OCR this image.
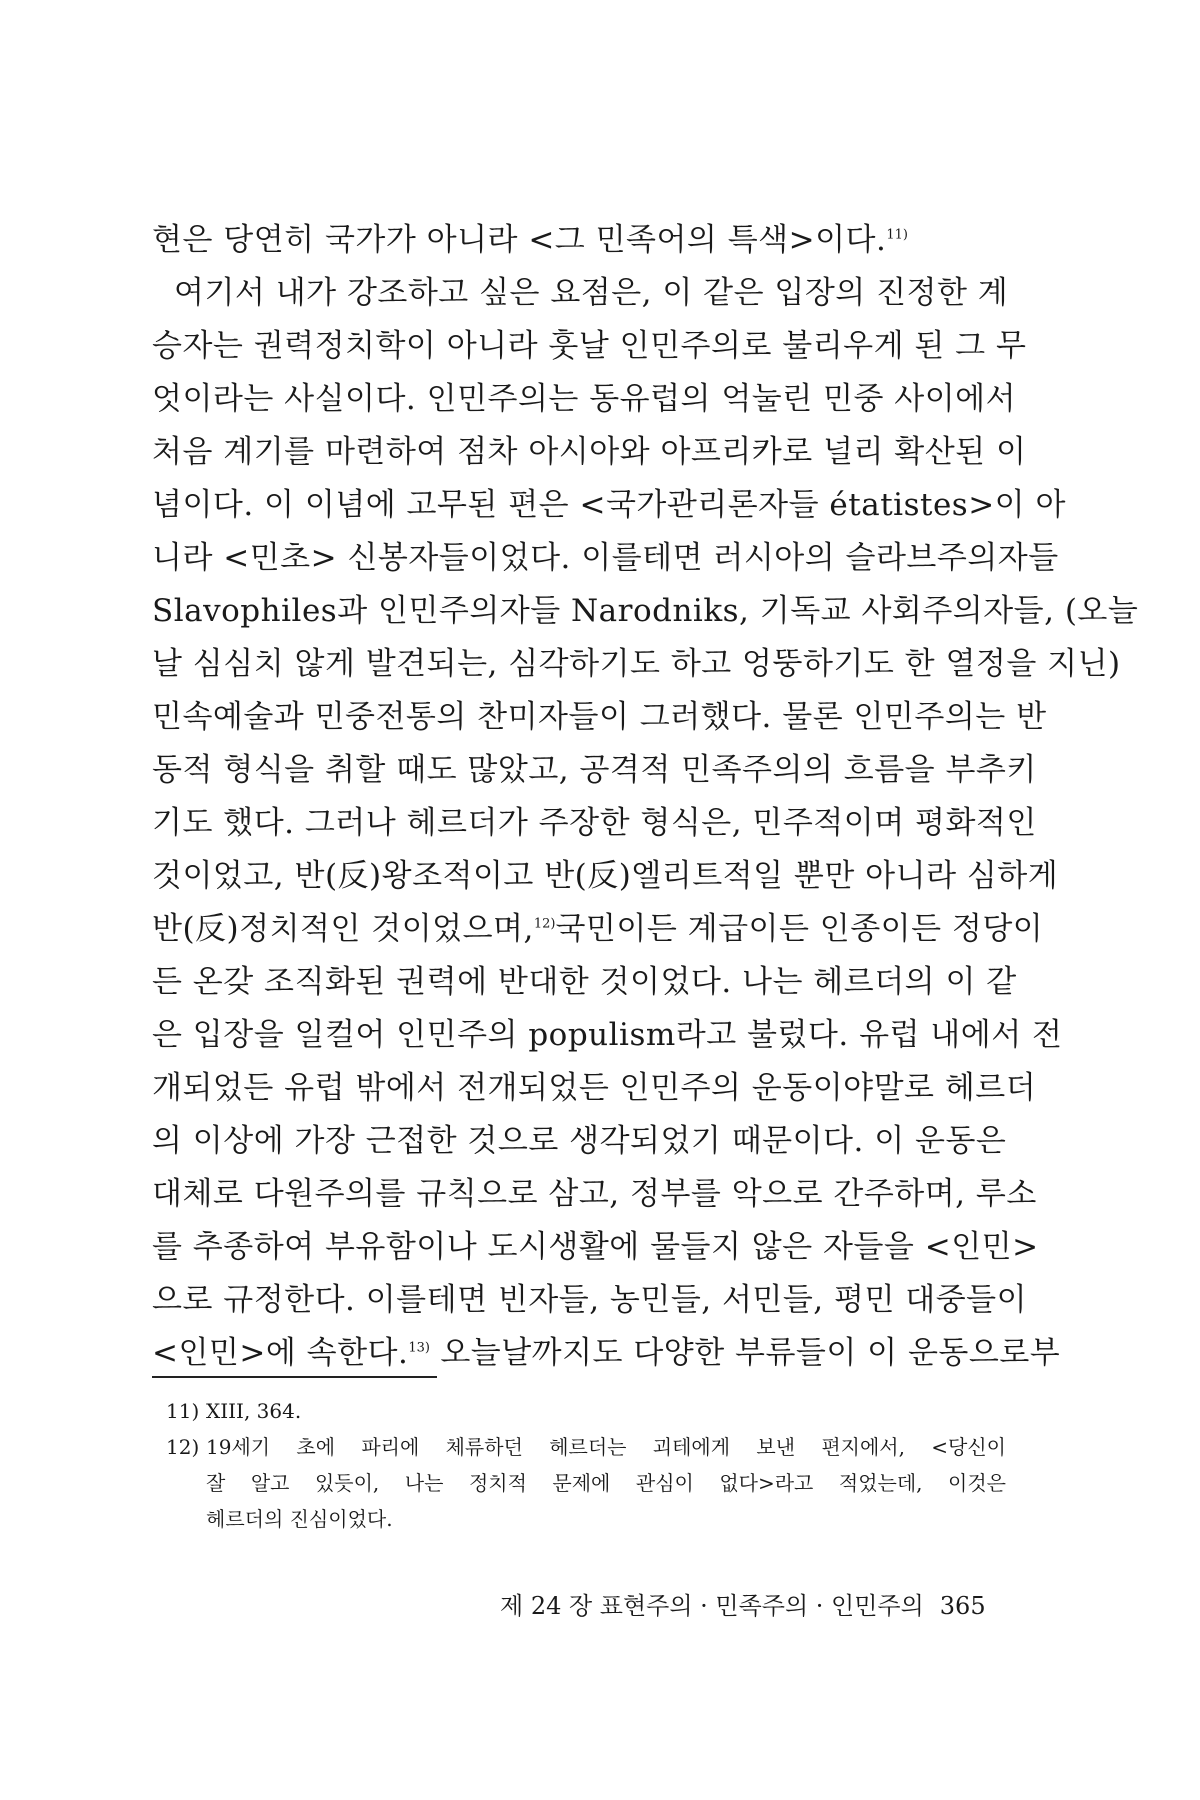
현은 당연히 국가가 아니라 <그 민족어의 특색>이다.$^{11)}$
여기서 내가 강조하고 싶은 요점은, 이 같은 입장의 진정한 계
승자는 권력정치학이 아니라 훗날 인민주의로 불리우게 된 그 무
엇이라는 사실이다. 인민주의는 동유럽의 억눌린 민중 사이에서
처음 계기를 마련하여 점차 아시아와 아프리카로 널리 확산된 이
념이다. 이 이념에 고무된 편은 <국가관리론자들 étatistes>이 아
니라 <민초> 신봉자들이었다. 이를테면 러시아의 슬라브주의자들
Slavophiles과 인민주의자들 Narodniks, 기독교 사회주의자들, (오늘
날 심심치 않게 발견되는, 심각하기도 하고 엉뚱하기도 한 열정을 지닌)
민속예술과 민중전통의 찬미자들이 그러했다. 물론 인민주의는 반
동적 형식을 취할 때도 많았고, 공격적 민족주의의 흐름을 부추키
기도 했다. 그러나 헤르더가 주장한 형식은, 민주적이며 평화적인
것이었고, 반(反)왕조적이고 반(反)엘리트적일 뿐만 아니라 심하게
반(反)정치적인 것이었으며,$^{12)}$국민이든 계급이든 인종이든 정당이
든 온갖 조직화된 권력에 반대한 것이었다. 나는 헤르더의 이 같
은 입장을 일컬어 인민주의 populism라고 불렀다. 유럽 내에서 전
개되었든 유럽 밖에서 전개되었든 인민주의 운동이야말로 헤르더
의 이상에 가장 근접한 것으로 생각되었기 때문이다. 이 운동은
대체로 다원주의를 규칙으로 삼고, 정부를 악으로 간주하며, 루소
를 추종하여 부유함이나 도시생활에 물들지 않은 자들을 <인민>
으로 규정한다. 이를테면 빈자들, 농민들, 서민들, 평민 대중들이
<인민>에 속한다.$^{13)}$ 오늘날까지도 다양한 부류들이 이 운동으로부
11) XIII, 364.
12) 19세기 초에 파리에 체류하던 헤르더는 괴테에게 보낸 편지에서, <당신이
잘 알고 있듯이, 나는 정치적 문제에 관심이 없다>라고 적었는데, 이것은
헤르더의 진심이었다.
제 24 장 표현주의 · 민족주의 · 인민주의 365
